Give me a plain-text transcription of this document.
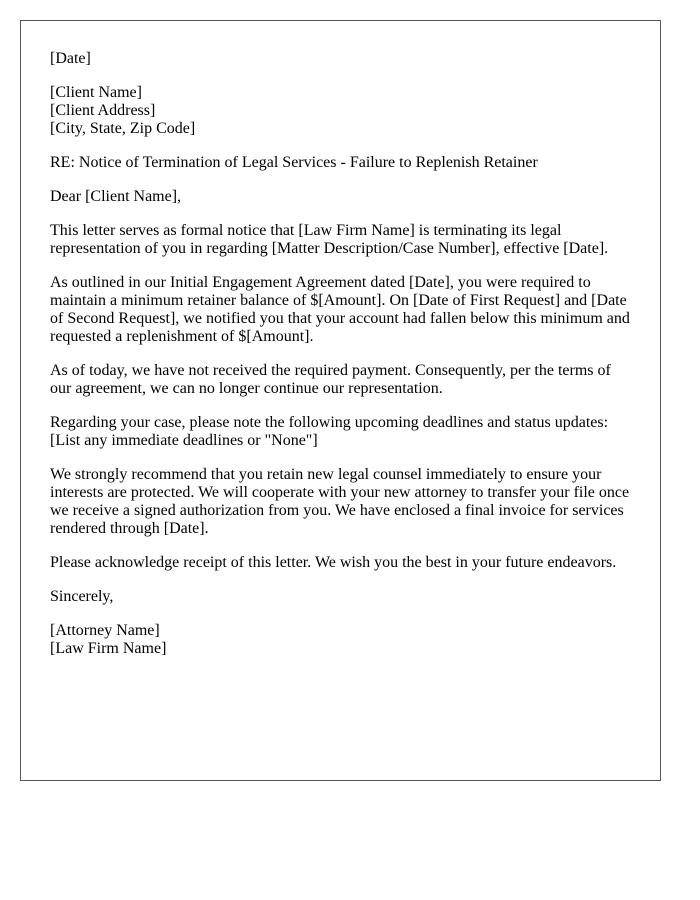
[Date]

[Client Name]
[Client Address]
[City, State, Zip Code]

RE: Notice of Termination of Legal Services - Failure to Replenish Retainer

Dear [Client Name],

This letter serves as formal notice that [Law Firm Name] is terminating its legal representation of you in regarding [Matter Description/Case Number], effective [Date].

As outlined in our Initial Engagement Agreement dated [Date], you were required to maintain a minimum retainer balance of $[Amount]. On [Date of First Request] and [Date of Second Request], we notified you that your account had fallen below this minimum and requested a replenishment of $[Amount].

As of today, we have not received the required payment. Consequently, per the terms of our agreement, we can no longer continue our representation.

Regarding your case, please note the following upcoming deadlines and status updates:
[List any immediate deadlines or "None"]

We strongly recommend that you retain new legal counsel immediately to ensure your interests are protected. We will cooperate with your new attorney to transfer your file once we receive a signed authorization from you. We have enclosed a final invoice for services rendered through [Date].

Please acknowledge receipt of this letter. We wish you the best in your future endeavors.

Sincerely,

[Attorney Name]
[Law Firm Name]
